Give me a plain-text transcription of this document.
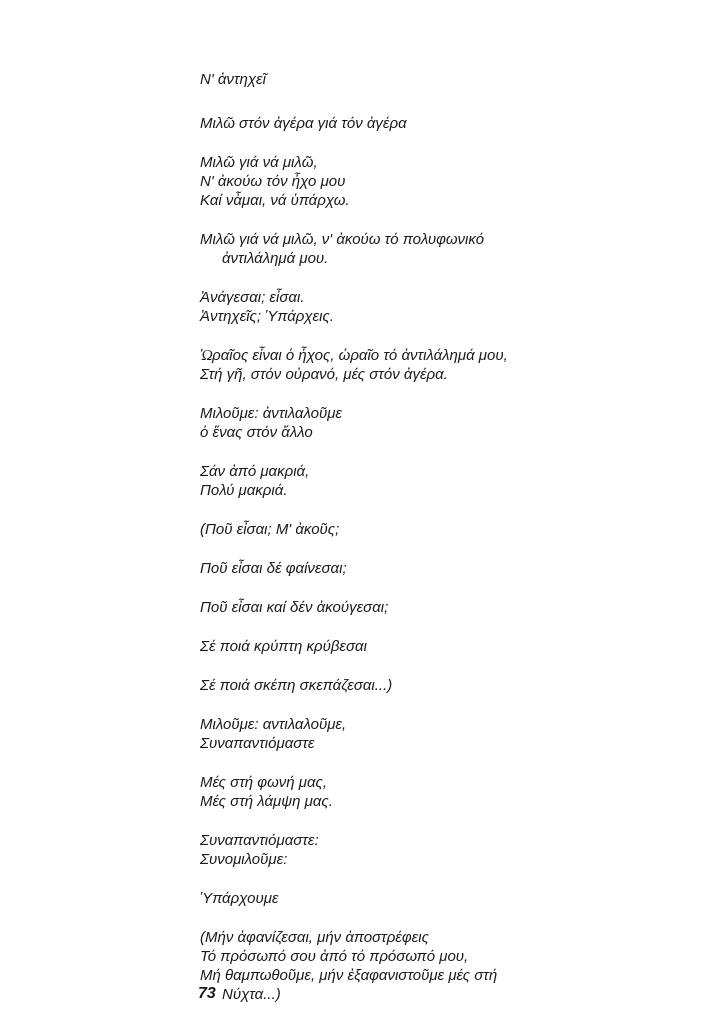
Ν' ἀντηχεῖ
Μιλῶ στόν ἀγέρα γιά τόν ἀγέρα
Μιλῶ γιά νά μιλῶ,
Ν' ἀκούω τόν ἦχο μου
Καί νἆμαι, νά ὑπάρχω.
Μιλῶ γιά νά μιλῶ, ν' ἀκούω τό πολυφωνικό
ἀντιλάλημά μου.
Ἀνάγεσαι; εἶσαι.
Ἀντηχεῖς; Ὑπάρχεις.
Ὡραῖος εἶναι ὁ ἦχος, ὡραῖο τό ἀντιλάλημά μου,
Στή γῆ, στόν οὐρανό, μές στόν ἀγέρα.
Μιλοῦμε: ἀντιλαλοῦμε
ὁ ἕνας στόν ἄλλο
Σάν ἀπό μακριά,
Πολύ μακριά.
(Ποῦ εἶσαι; Μ' ἀκοῦς;
Ποῦ εἶσαι δέ φαίνεσαι;
Ποῦ εἶσαι καί δέν ἀκούγεσαι;
Σέ ποιά κρύπτη κρύβεσαι
Σέ ποιά σκέπη σκεπάζεσαι...)
Μιλοῦμε: αντιλαλοῦμε,
Συναπαντιόμαστε
Μές στή φωνή μας,
Μές στή λάμψη μας.
Συναπαντιόμαστε:
Συνομιλοῦμε:
Ὑπάρχουμε
(Μήν ἀφανίζεσαι, μήν ἀποστρέφεις
Τό πρόσωπό σου ἀπό τό πρόσωπό μου,
Μή θαμπωθοῦμε, μήν ἐξαφανιστοῦμε μές στή
Νύχτα...)
73
